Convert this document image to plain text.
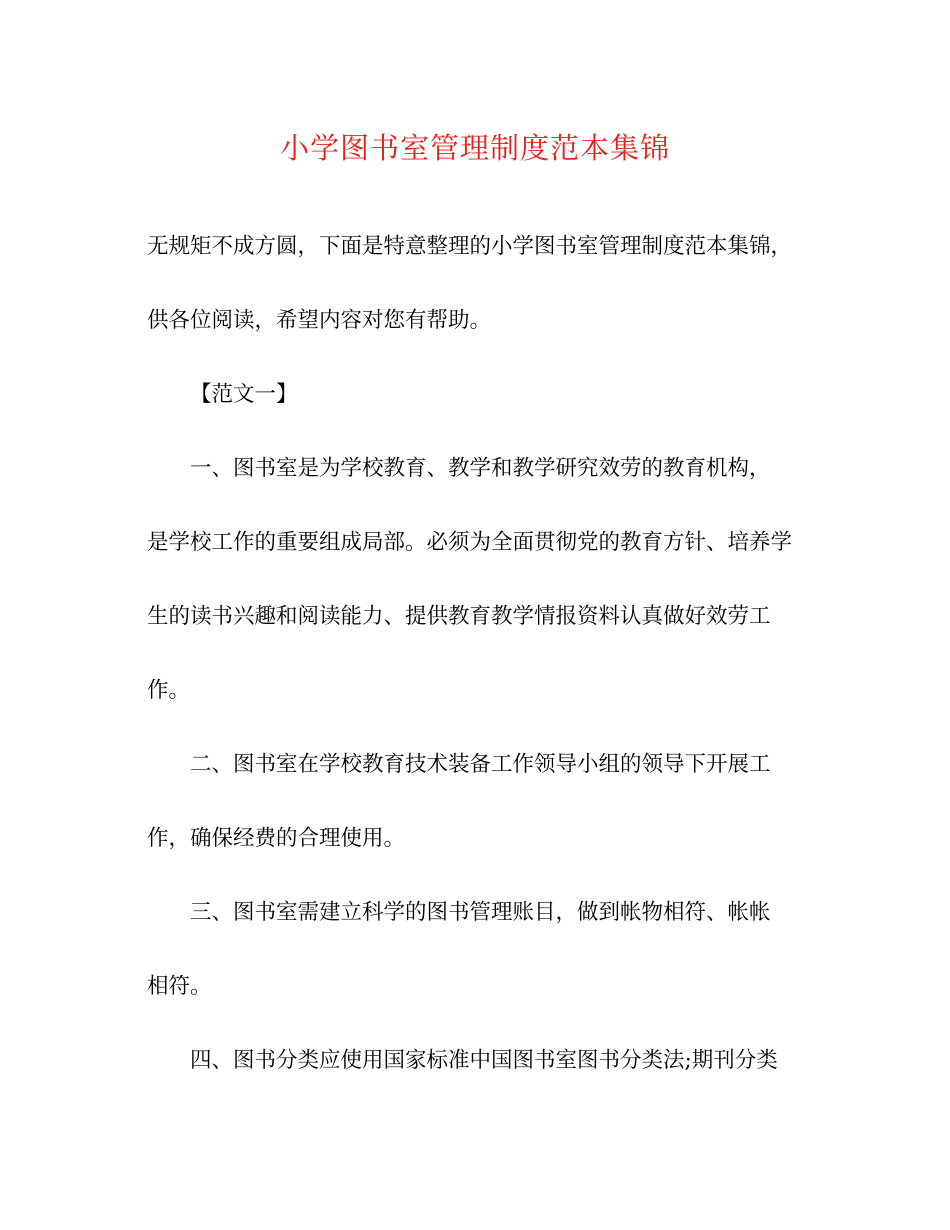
小学图书室管理制度范本集锦

无规矩不成方圆，下面是特意整理的小学图书室管理制度范本集锦，
供各位阅读，希望内容对您有帮助。

【范文一】

一、图书室是为学校教育、教学和教学研究效劳的教育机构，
是学校工作的重要组成局部。必须为全面贯彻党的教育方针、培养学
生的读书兴趣和阅读能力、提供教育教学情报资料认真做好效劳工
作。

二、图书室在学校教育技术装备工作领导小组的领导下开展工
作，确保经费的合理使用。

三、图书室需建立科学的图书管理账目，做到帐物相符、帐帐
相符。

四、图书分类应使用国家标准中国图书室图书分类法;期刊分类
